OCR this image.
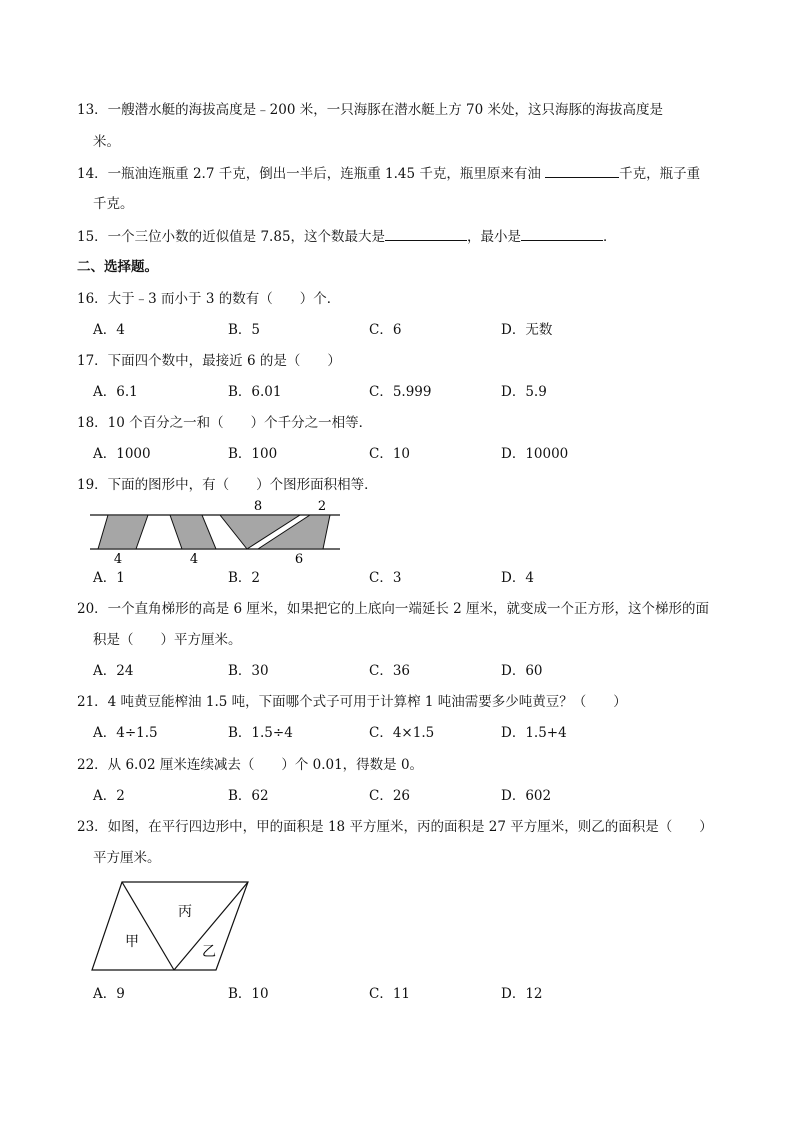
13．一艘潜水艇的海拔高度是﹣200 米，一只海豚在潜水艇上方 70 米处，这只海豚的海拔高度是
米。
14．一瓶油连瓶重 2.7 千克，倒出一半后，连瓶重 1.45 千克，瓶里原来有油	千克，瓶子重
千克。
15．一个三位小数的近似值是 7.85，这个数最大是	，最小是	．
二、选择题。
16．大于﹣3 而小于 3 的数有（　　）个．
A．4	B．5	C．6	D．无数
17．下面四个数中，最接近 6 的是（　　）
A．6.1	B．6.01	C．5.999	D．5.9
18．10 个百分之一和（　　）个千分之一相等．
A．1000	B．100	C．10	D．10000
19．下面的图形中，有（　　）个图形面积相等．
8	2
4	4	6
A．1	B．2	C．3	D．4
20．一个直角梯形的高是 6 厘米，如果把它的上底向一端延长 2 厘米，就变成一个正方形，这个梯形的面
积是（　　）平方厘米。
A．24	B．30	C．36	D．60
21．4 吨黄豆能榨油 1.5 吨，下面哪个式子可用于计算榨 1 吨油需要多少吨黄豆？（　　）
A．4÷1.5	B．1.5÷4	C．4×1.5	D．1.5+4
22．从 6.02 厘米连续减去（　　）个 0.01，得数是 0。
A．2	B．62	C．26	D．602
23．如图，在平行四边形中，甲的面积是 18 平方厘米，丙的面积是 27 平方厘米，则乙的面积是（　　）
平方厘米。
甲
丙
乙
A．9	B．10	C．11	D．12
